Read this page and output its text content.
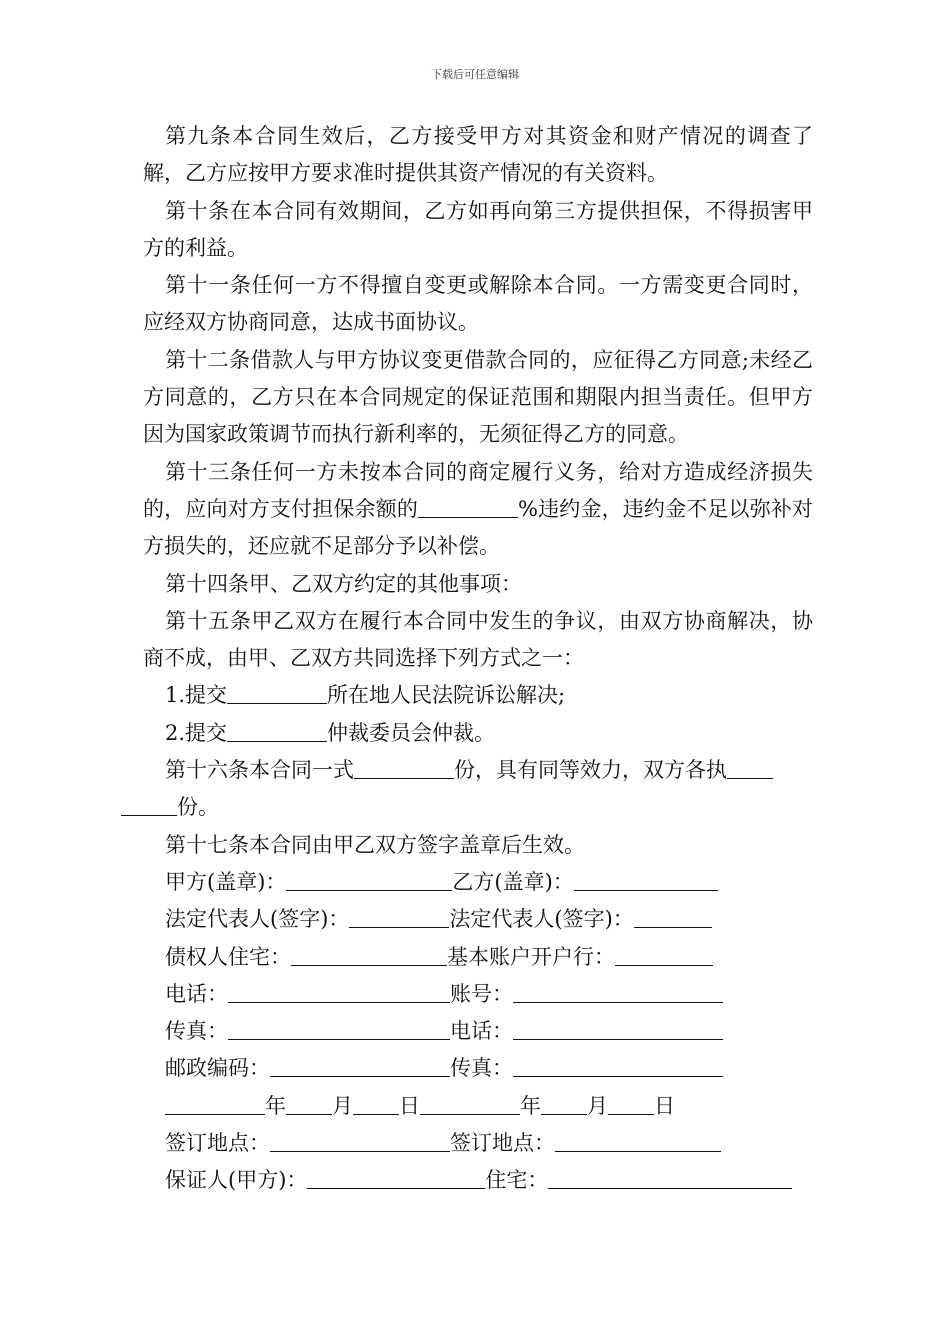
下载后可任意编辑

第九条本合同生效后，乙方接受甲方对其资金和财产情况的调查了解，乙方应按甲方要求准时提供其资产情况的有关资料。

第十条在本合同有效期间，乙方如再向第三方提供担保，不得损害甲方的利益。

第十一条任何一方不得擅自变更或解除本合同。一方需变更合同时，应经双方协商同意，达成书面协议。

第十二条借款人与甲方协议变更借款合同的，应征得乙方同意;未经乙方同意的，乙方只在本合同规定的保证范围和期限内担当责任。但甲方因为国家政策调节而执行新利率的，无须征得乙方的同意。

第十三条任何一方未按本合同的商定履行义务，给对方造成经济损失的，应向对方支付担保余额的	%违约金，违约金不足以弥补对方损失的，还应就不足部分予以补偿。

第十四条甲、乙双方约定的其他事项：

第十五条甲乙双方在履行本合同中发生的争议，由双方协商解决，协商不成，由甲、乙双方共同选择下列方式之一：

1.提交	所在地人民法院诉讼解决;

2.提交	仲裁委员会仲裁。

第十六条本合同一式	份，具有同等效力，双方各执
份。

第十七条本合同由甲乙双方签字盖章后生效。

甲方(盖章)：	乙方(盖章)：

法定代表人(签字)：	法定代表人(签字)：

债权人住宅：	基本账户开户行：

电话：	账号：

传真：	电话：

邮政编码：	传真：

年 月 日	年 月 日

签订地点：	签订地点：

保证人(甲方)：	住宅：
